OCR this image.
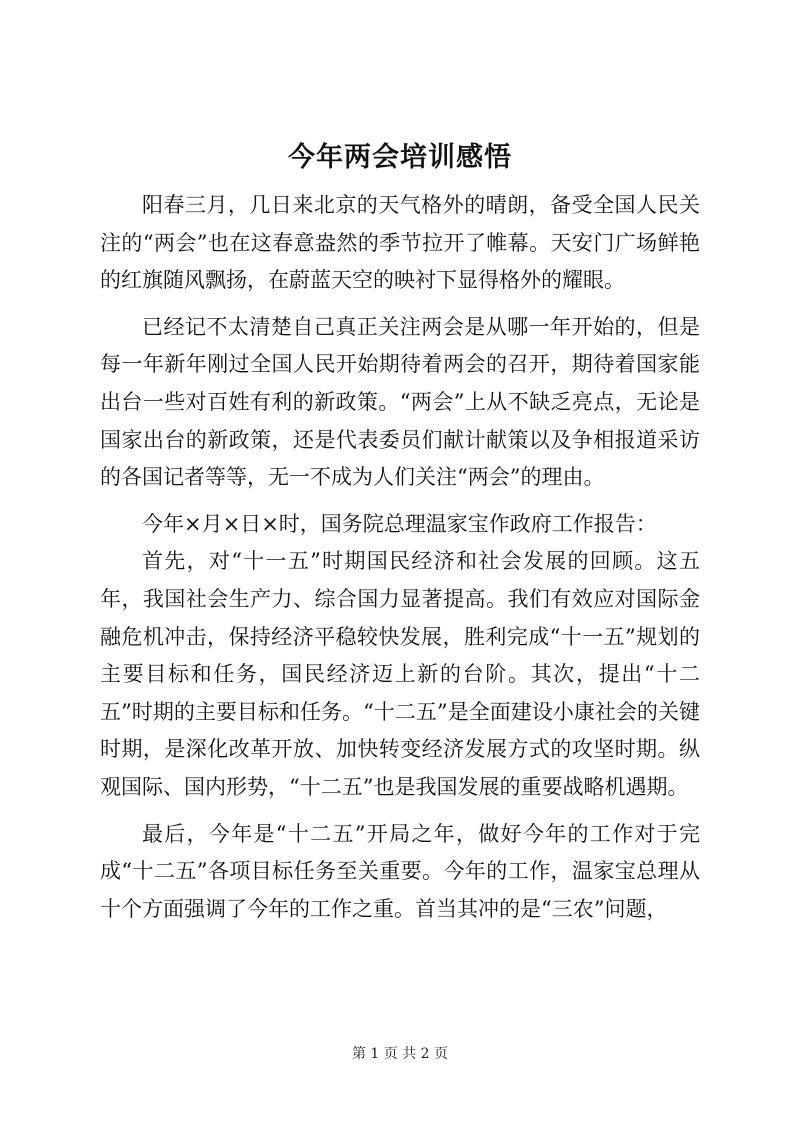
今年两会培训感悟

阳春三月，几日来北京的天气格外的晴朗，备受全国人民关注的“两会”也在这春意盎然的季节拉开了帷幕。天安门广场鲜艳的红旗随风飘扬，在蔚蓝天空的映衬下显得格外的耀眼。

已经记不太清楚自己真正关注两会是从哪一年开始的，但是每一年新年刚过全国人民开始期待着两会的召开，期待着国家能出台一些对百姓有利的新政策。“两会”上从不缺乏亮点，无论是国家出台的新政策，还是代表委员们献计献策以及争相报道采访的各国记者等等，无一不成为人们关注“两会”的理由。

今年×月×日×时，国务院总理温家宝作政府工作报告：

首先，对“十一五”时期国民经济和社会发展的回顾。这五年，我国社会生产力、综合国力显著提高。我们有效应对国际金融危机冲击，保持经济平稳较快发展，胜利完成“十一五”规划的主要目标和任务，国民经济迈上新的台阶。其次，提出“十二五”时期的主要目标和任务。“十二五”是全面建设小康社会的关键时期，是深化改革开放、加快转变经济发展方式的攻坚时期。纵观国际、国内形势，“十二五”也是我国发展的重要战略机遇期。

最后，今年是“十二五”开局之年，做好今年的工作对于完成“十二五”各项目标任务至关重要。今年的工作，温家宝总理从十个方面强调了今年的工作之重。首当其冲的是“三农”问题，

第 1 页 共 2 页
